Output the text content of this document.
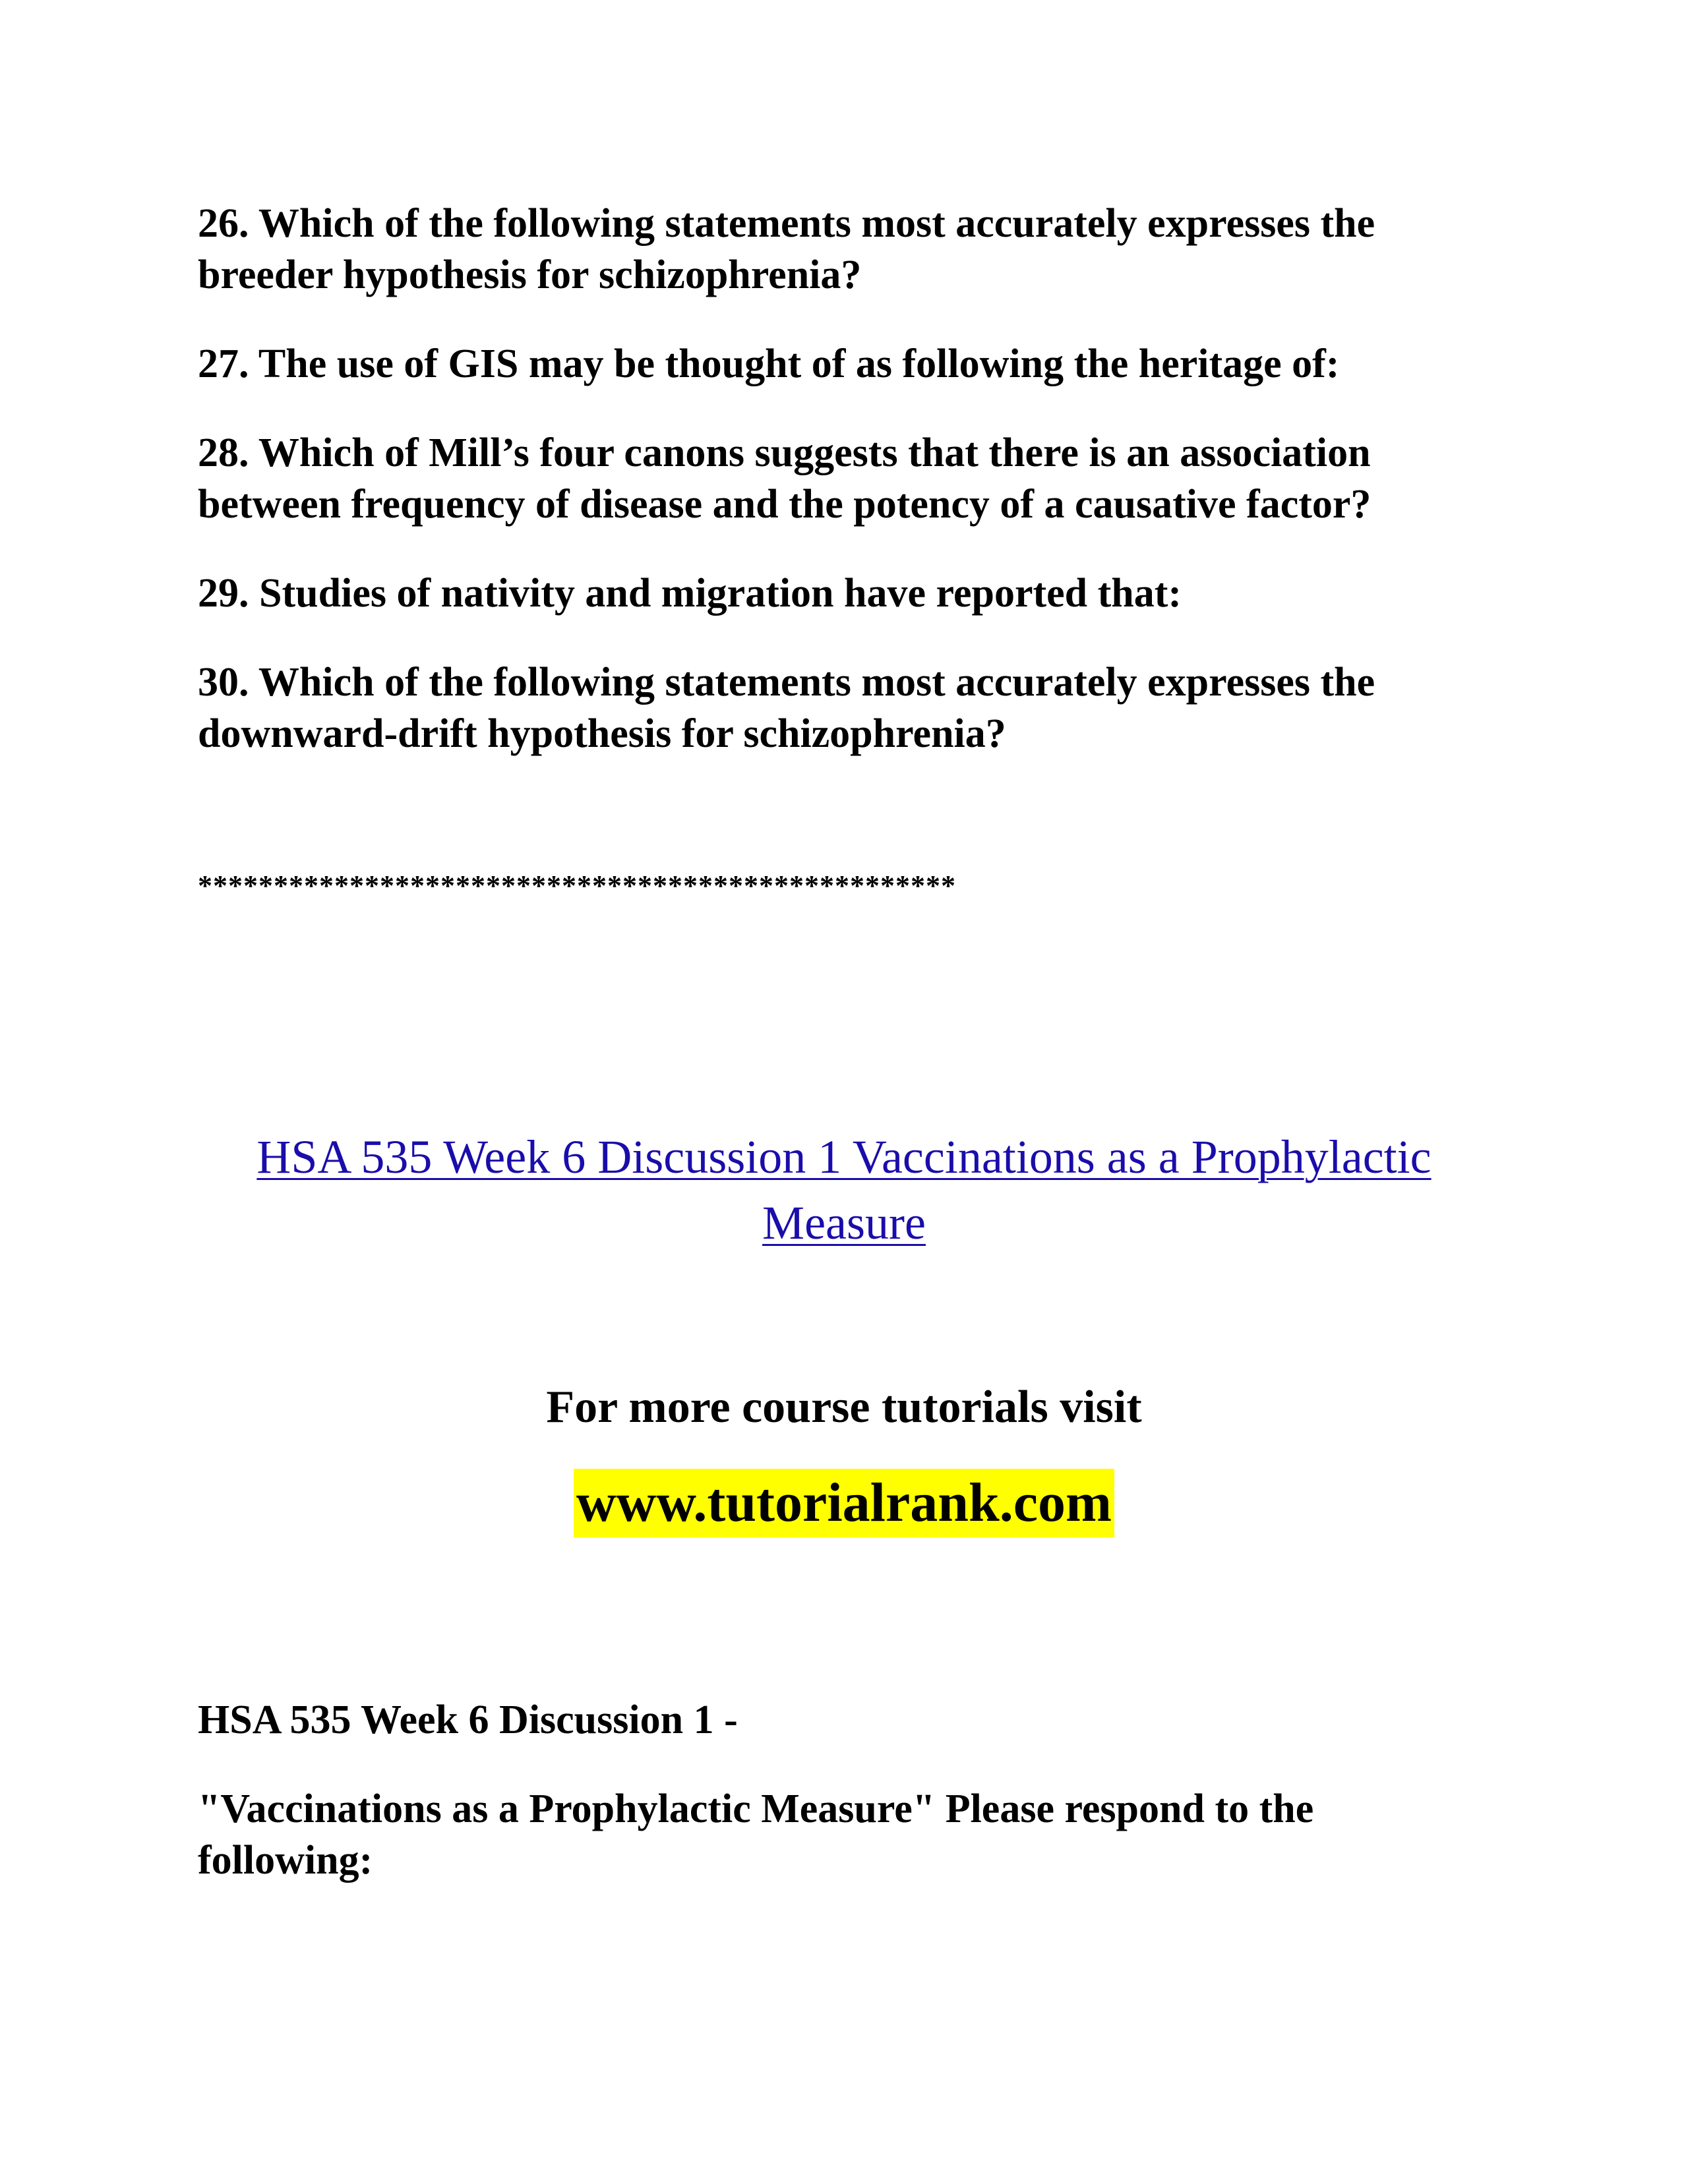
26. Which of the following statements most accurately expresses the breeder hypothesis for schizophrenia?

27. The use of GIS may be thought of as following the heritage of:

28. Which of Mill’s four canons suggests that there is an association between frequency of disease and the potency of a causative factor?

29. Studies of nativity and migration have reported that:

30. Which of the following statements most accurately expresses the downward-drift hypothesis for schizophrenia?

**************************************************

HSA 535 Week 6 Discussion 1 Vaccinations as a Prophylactic Measure

For more course tutorials visit

www.tutorialrank.com

HSA 535 Week 6 Discussion 1 -

"Vaccinations as a Prophylactic Measure" Please respond to the following:
